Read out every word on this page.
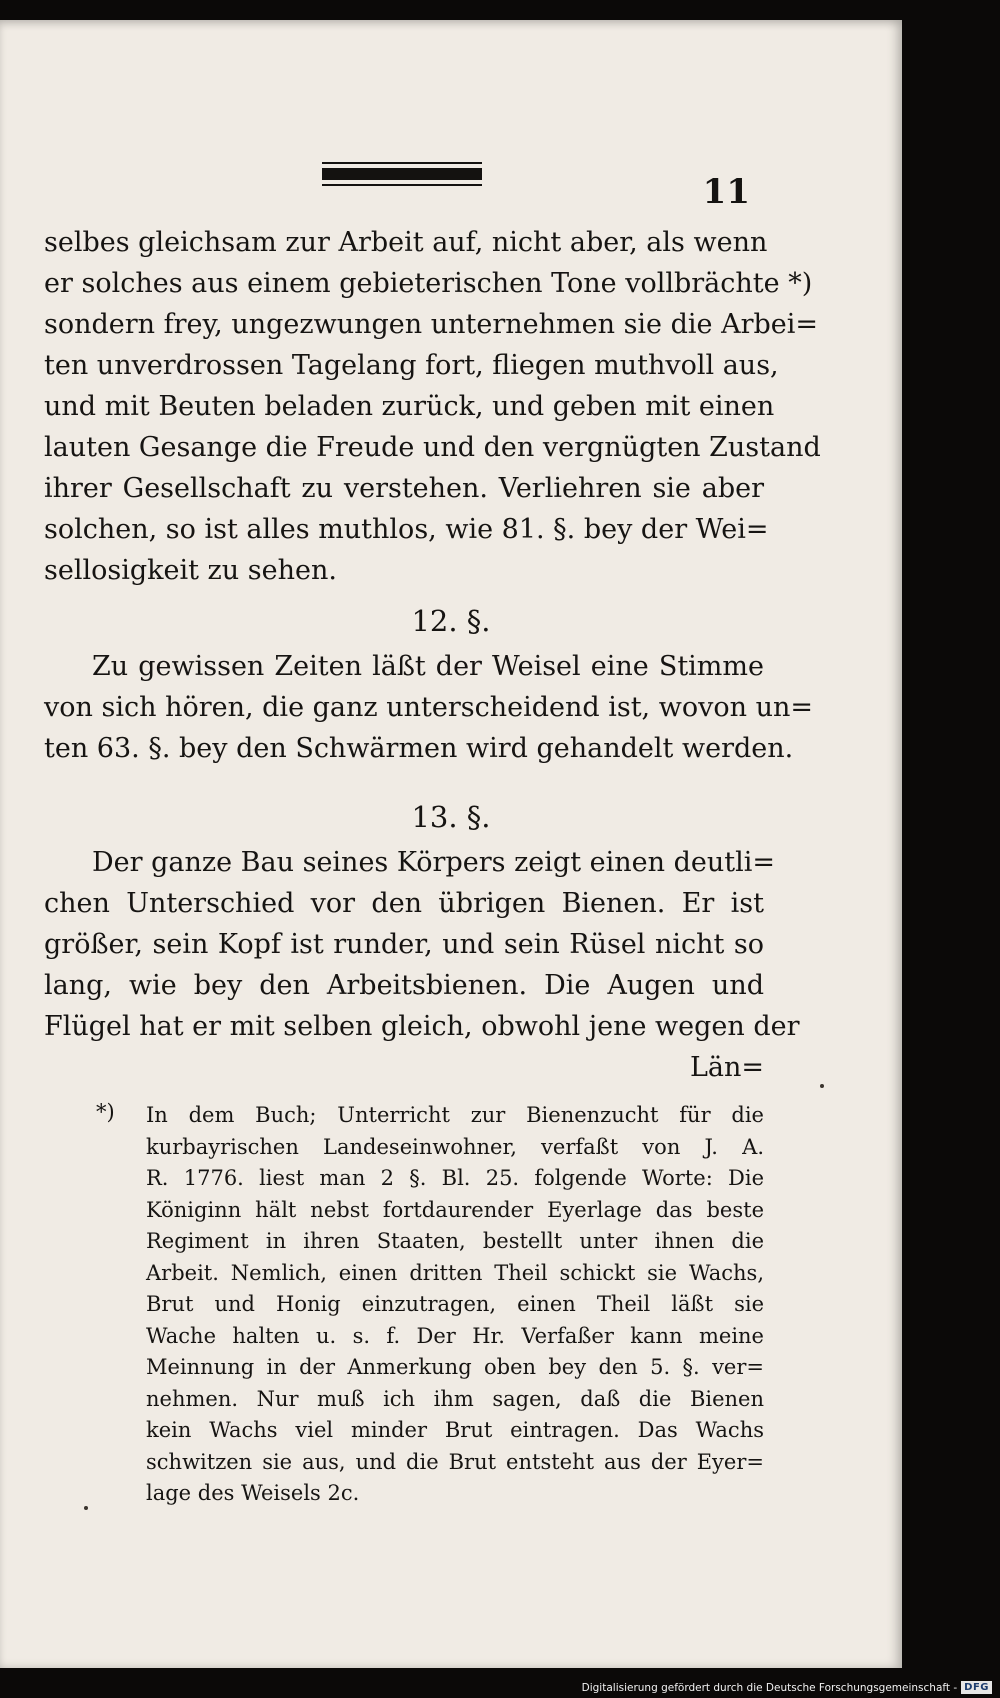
11
selbes gleichsam zur Arbeit auf, nicht aber, als wenn
er solches aus einem gebieterischen Tone vollbrächte *)
sondern frey, ungezwungen unternehmen sie die Arbei=
ten unverdrossen Tagelang fort, fliegen muthvoll aus,
und mit Beuten beladen zurück, und geben mit einen
lauten Gesange die Freude und den vergnügten Zustand
ihrer Gesellschaft zu verstehen. Verliehren sie aber
solchen, so ist alles muthlos, wie 81. §. bey der Wei=
sellosigkeit zu sehen.
12. §.
Zu gewissen Zeiten läßt der Weisel eine Stimme
von sich hören, die ganz unterscheidend ist, wovon un=
ten 63. §. bey den Schwärmen wird gehandelt werden.
13. §.
Der ganze Bau seines Körpers zeigt einen deutli=
chen Unterschied vor den übrigen Bienen. Er ist
größer, sein Kopf ist runder, und sein Rüsel nicht so
lang, wie bey den Arbeitsbienen. Die Augen und
Flügel hat er mit selben gleich, obwohl jene wegen der
Län=
*)	In dem Buch; Unterricht zur Bienenzucht für die
kurbayrischen Landeseinwohner, verfaßt von J. A.
R. 1776. liest man 2 §. Bl. 25. folgende Worte: Die
Königinn hält nebst fortdaurender Eyerlage das beste
Regiment in ihren Staaten, bestellt unter ihnen die
Arbeit. Nemlich, einen dritten Theil schickt sie Wachs,
Brut und Honig einzutragen, einen Theil läßt sie
Wache halten u. s. f. Der Hr. Verfaßer kann meine
Meinnung in der Anmerkung oben bey den 5. §. ver=
nehmen. Nur muß ich ihm sagen, daß die Bienen
kein Wachs viel minder Brut eintragen. Das Wachs
schwitzen sie aus, und die Brut entsteht aus der Eyer=
lage des Weisels 2c.
Digitalisierung gefördert durch die Deutsche Forschungsgemeinschaft - DFG
